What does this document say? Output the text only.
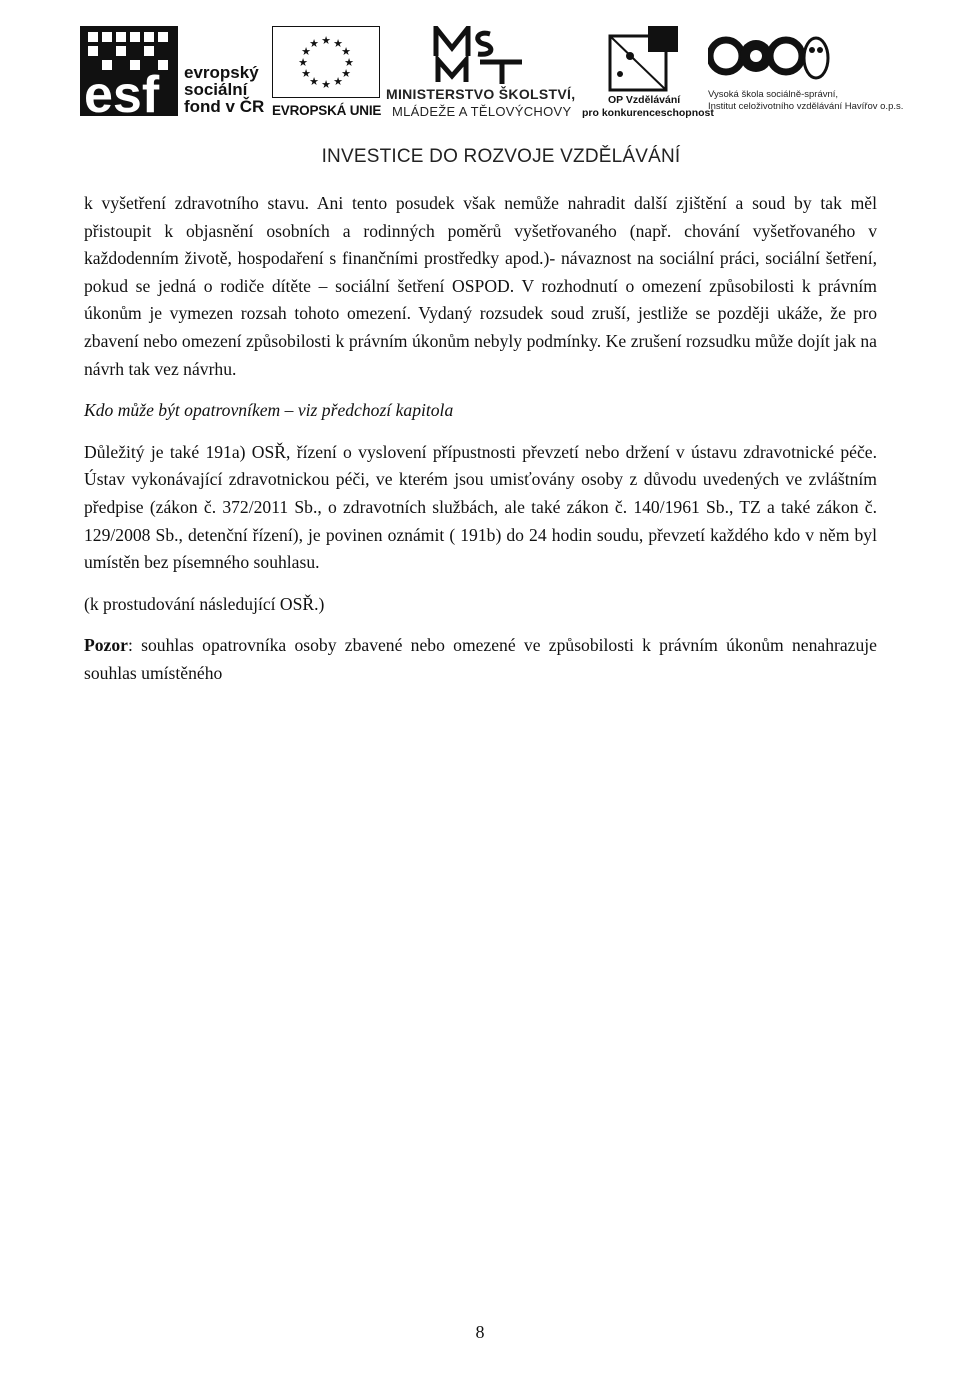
esf evropský
sociální
fond v ČR
★ ★
★
★
★
★
★
★
★
★
★
★
EVROPSKÁ UNIE
MINISTERSTVO ŠKOLSTVÍ,
MLÁDEŽE A TĚLOVÝCHOVY
OP Vzdělávání
pro konkurenceschopnost
Vysoká škola sociálně-správní,
Institut celoživotního vzdělávání Havířov o.p.s.
INVESTICE DO ROZVOJE VZDĚLÁVÁNÍ

k vyšetření zdravotního stavu. Ani tento posudek však nemůže nahradit další zjištění a soud by tak měl přistoupit k objasnění osobních a rodinných poměrů vyšetřovaného (např. chování vyšetřovaného v každodenním životě, hospodaření s finančními prostředky apod.)- návaznost na sociální práci, sociální šetření, pokud se jedná o rodiče dítěte – sociální šetření OSPOD. V rozhodnutí o omezení způsobilosti k právním úkonům je vymezen rozsah tohoto omezení. Vydaný rozsudek soud zruší, jestliže se později ukáže, že pro zbavení nebo omezení způsobilosti k právním úkonům nebyly podmínky. Ke zrušení rozsudku může dojít jak na návrh tak vez návrhu.

Kdo může být opatrovníkem – viz předchozí kapitola

Důležitý je také 191a) OSŘ, řízení o vyslovení přípustnosti převzetí nebo držení v ústavu zdravotnické péče. Ústav vykonávající zdravotnickou péči, ve kterém jsou umisťovány osoby z důvodu uvedených ve zvláštním předpise (zákon č. 372/2011 Sb., o zdravotních službách, ale také zákon č. 140/1961 Sb., TZ a také zákon č. 129/2008 Sb., detenční řízení), je povinen oznámit ( 191b) do 24 hodin soudu, převzetí každého kdo v něm byl umístěn bez písemného souhlasu.

(k prostudování následující OSŘ.)

Pozor: souhlas opatrovníka osoby zbavené nebo omezené ve způsobilosti k právním úkonům nenahrazuje souhlas umístěného

8
